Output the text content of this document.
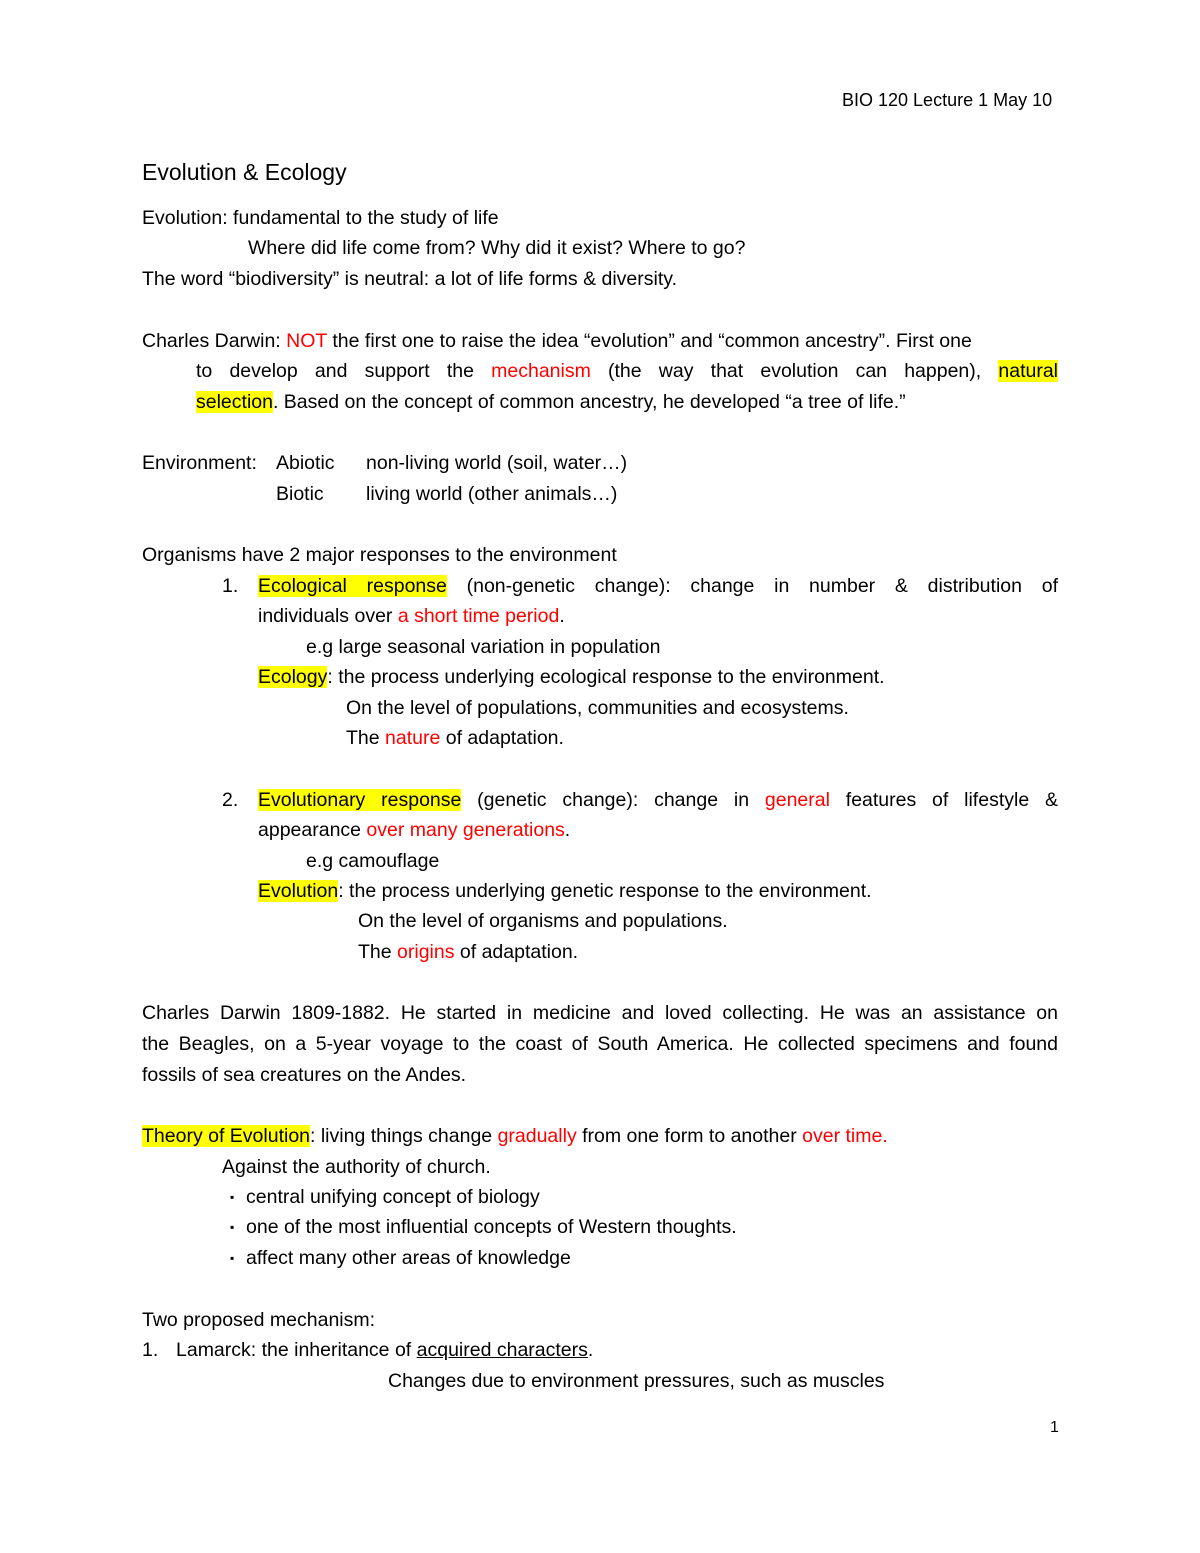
BIO 120 Lecture 1 May 10
Evolution & Ecology
Evolution: fundamental to the study of life
Where did life come from? Why did it exist? Where to go?
The word “biodiversity” is neutral: a lot of life forms & diversity.
Charles Darwin: NOT the first one to raise the idea “evolution” and “common ancestry”. First one
to develop and support the mechanism (the way that evolution can happen), natural
selection. Based on the concept of common ancestry, he developed “a tree of life.”
Environment: Abiotic non-living world (soil, water…)
Biotic living world (other animals…)
Organisms have 2 major responses to the environment
1. Ecological response (non-genetic change): change in number & distribution of
individuals over a short time period.
e.g large seasonal variation in population
Ecology: the process underlying ecological response to the environment.
On the level of populations, communities and ecosystems.
The nature of adaptation.
2. Evolutionary response (genetic change): change in general features of lifestyle &
appearance over many generations.
e.g camouflage
Evolution: the process underlying genetic response to the environment.
On the level of organisms and populations.
The origins of adaptation.
Charles Darwin 1809-1882. He started in medicine and loved collecting. He was an assistance on
the Beagles, on a 5-year voyage to the coast of South America. He collected specimens and found
fossils of sea creatures on the Andes.
Theory of Evolution: living things change gradually from one form to another over time.
Against the authority of church.
▪ central unifying concept of biology
▪ one of the most influential concepts of Western thoughts.
▪ affect many other areas of knowledge
Two proposed mechanism:
1. Lamarck: the inheritance of acquired characters.
Changes due to environment pressures, such as muscles
1
